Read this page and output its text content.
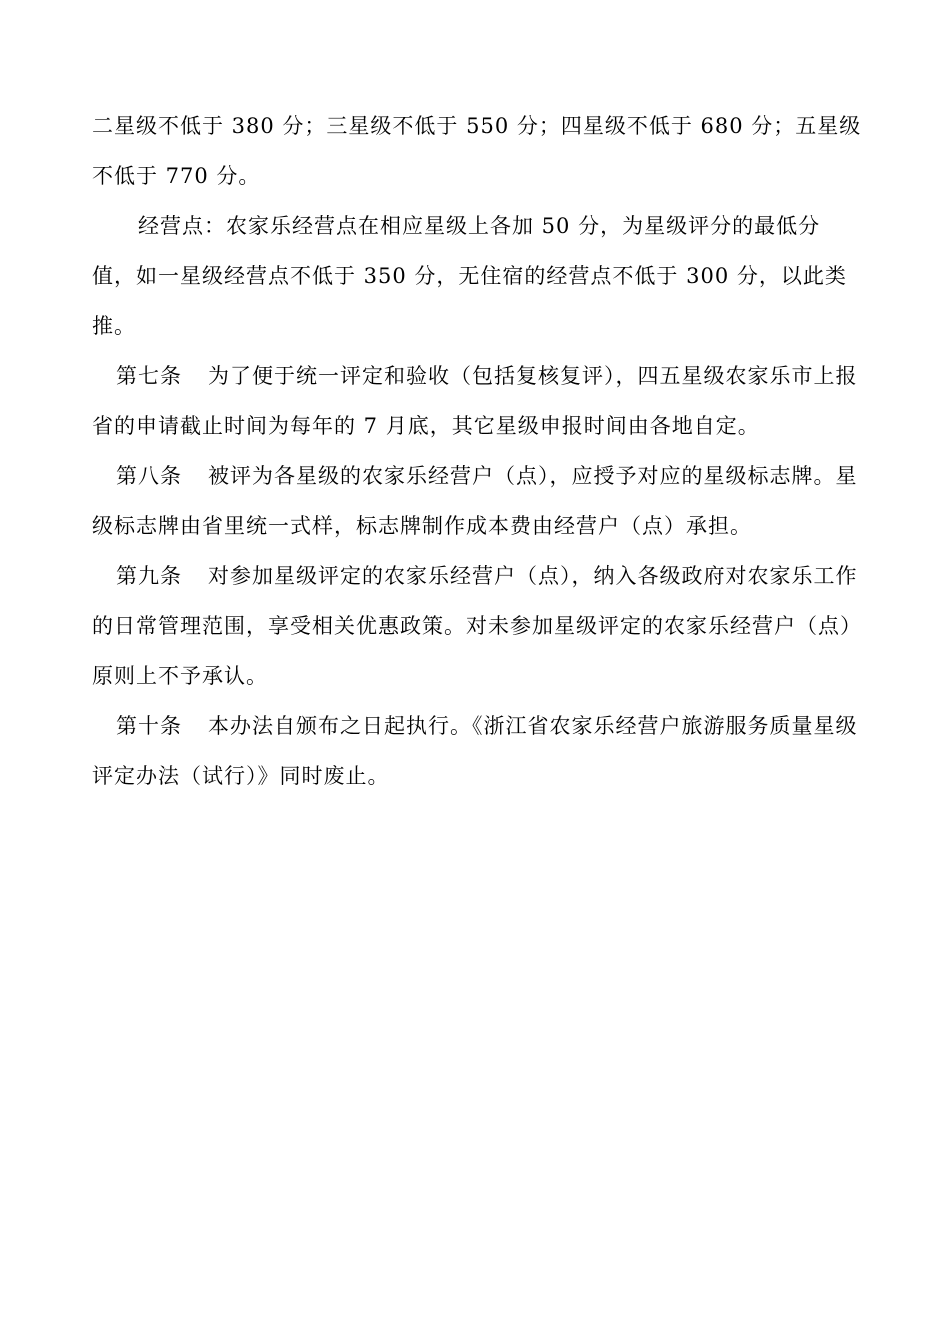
二星级不低于 380 分；三星级不低于 550 分；四星级不低于 680 分；五星级不低于 770 分。

经营点：农家乐经营点在相应星级上各加 50 分，为星级评分的最低分值，如一星级经营点不低于 350 分，无住宿的经营点不低于 300 分，以此类推。

第七条 为了便于统一评定和验收（包括复核复评），四五星级农家乐市上报省的申请截止时间为每年的 7 月底，其它星级申报时间由各地自定。

第八条 被评为各星级的农家乐经营户（点），应授予对应的星级标志牌。星级标志牌由省里统一式样，标志牌制作成本费由经营户（点）承担。

第九条 对参加星级评定的农家乐经营户（点），纳入各级政府对农家乐工作的日常管理范围，享受相关优惠政策。对未参加星级评定的农家乐经营户（点）原则上不予承认。

第十条 本办法自颁布之日起执行。《浙江省农家乐经营户旅游服务质量星级评定办法（试行）》同时废止。
